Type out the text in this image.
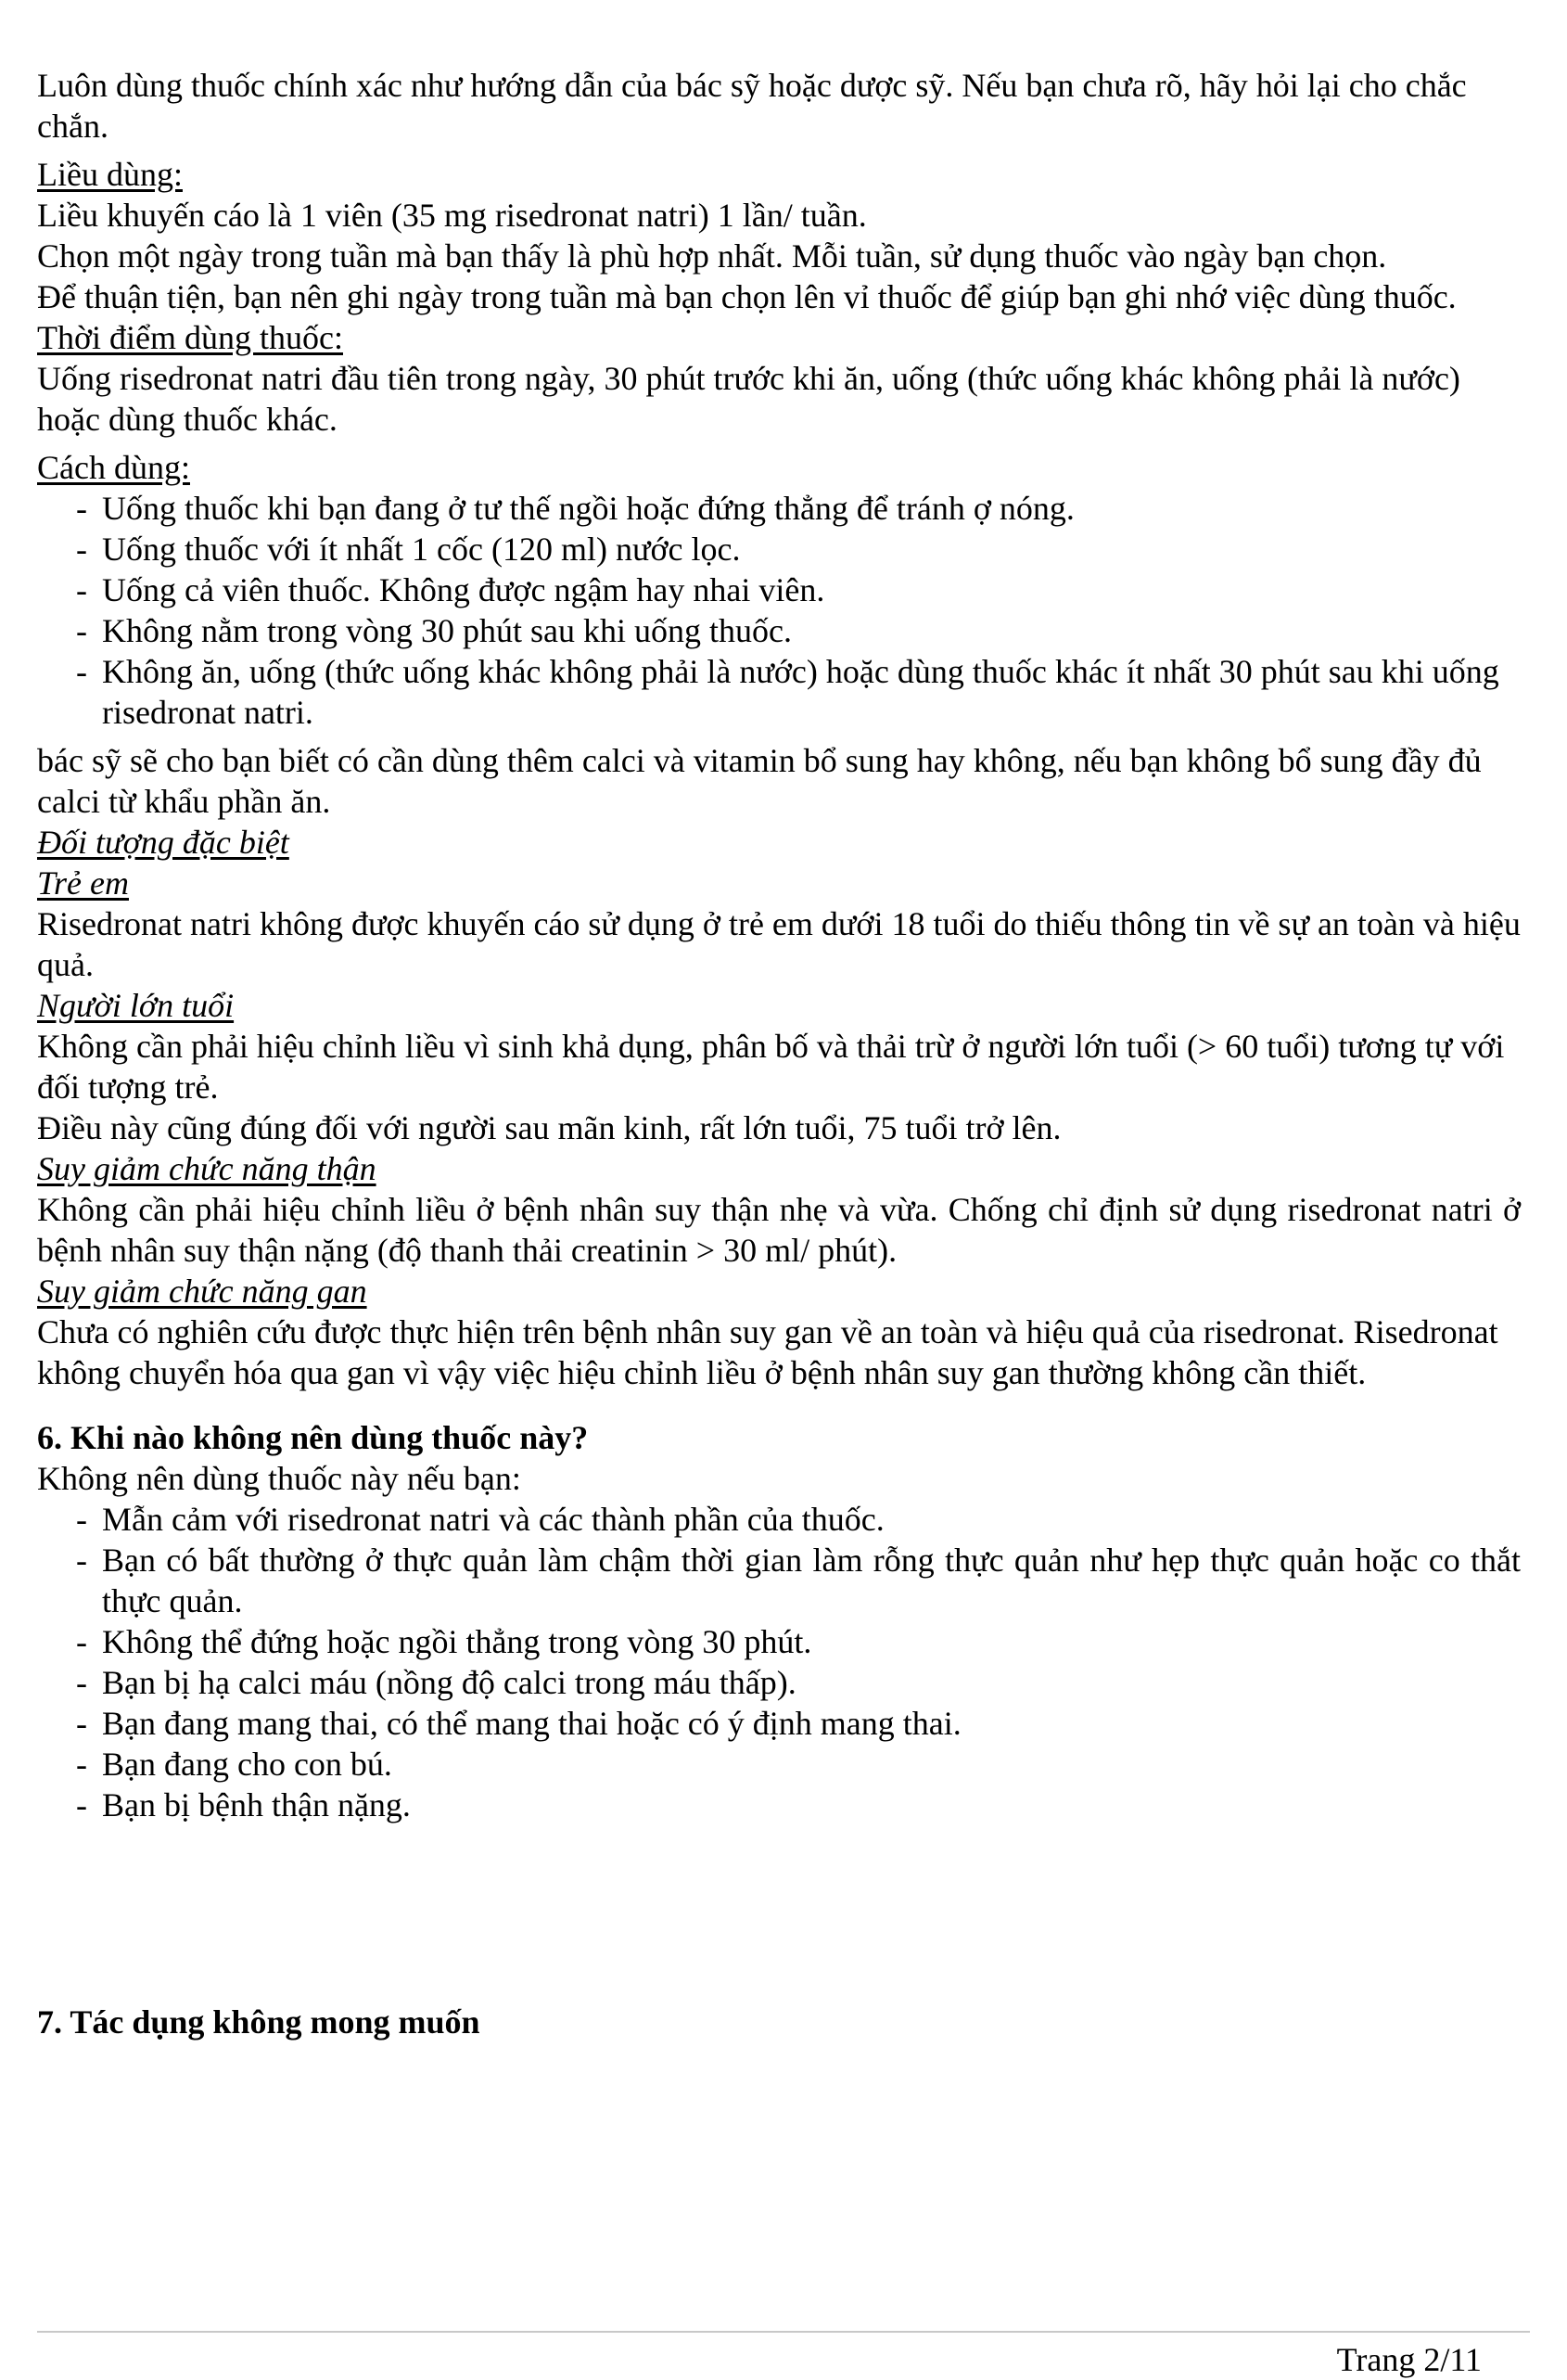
Luôn dùng thuốc chính xác như hướng dẫn của bác sỹ hoặc dược sỹ. Nếu bạn chưa rõ, hãy hỏi lại cho chắc chắn.

Liều dùng:

Liều khuyến cáo là 1 viên (35 mg risedronat natri) 1 lần/ tuần.

Chọn một ngày trong tuần mà bạn thấy là phù hợp nhất. Mỗi tuần, sử dụng thuốc vào ngày bạn chọn.

Để thuận tiện, bạn nên ghi ngày trong tuần mà bạn chọn lên vỉ thuốc để giúp bạn ghi nhớ việc dùng thuốc.

Thời điểm dùng thuốc:

Uống risedronat natri đầu tiên trong ngày, 30 phút trước khi ăn, uống (thức uống khác không phải là nước) hoặc dùng thuốc khác.

Cách dùng:

- Uống thuốc khi bạn đang ở tư thế ngồi hoặc đứng thẳng để tránh ợ nóng.
- Uống thuốc với ít nhất 1 cốc (120 ml) nước lọc.
- Uống cả viên thuốc. Không được ngậm hay nhai viên.
- Không nằm trong vòng 30 phút sau khi uống thuốc.
- Không ăn, uống (thức uống khác không phải là nước) hoặc dùng thuốc khác ít nhất 30 phút sau khi uống risedronat natri.

bác sỹ sẽ cho bạn biết có cần dùng thêm calci và vitamin bổ sung hay không, nếu bạn không bổ sung đầy đủ calci từ khẩu phần ăn.

Đối tượng đặc biệt

Trẻ em

Risedronat natri không được khuyến cáo sử dụng ở trẻ em dưới 18 tuổi do thiếu thông tin về sự an toàn và hiệu quả.

Người lớn tuổi

Không cần phải hiệu chỉnh liều vì sinh khả dụng, phân bố và thải trừ ở người lớn tuổi (> 60 tuổi) tương tự với đối tượng trẻ.

Điều này cũng đúng đối với người sau mãn kinh, rất lớn tuổi, 75 tuổi trở lên.

Suy giảm chức năng thận

Không cần phải hiệu chỉnh liều ở bệnh nhân suy thận nhẹ và vừa. Chống chỉ định sử dụng risedronat natri ở bệnh nhân suy thận nặng (độ thanh thải creatinin > 30 ml/ phút).

Suy giảm chức năng gan

Chưa có nghiên cứu được thực hiện trên bệnh nhân suy gan về an toàn và hiệu quả của risedronat. Risedronat không chuyển hóa qua gan vì vậy việc hiệu chỉnh liều ở bệnh nhân suy gan thường không cần thiết.

6. Khi nào không nên dùng thuốc này?

Không nên dùng thuốc này nếu bạn:

- Mẫn cảm với risedronat natri và các thành phần của thuốc.
- Bạn có bất thường ở thực quản làm chậm thời gian làm rỗng thực quản như hẹp thực quản hoặc co thắt thực quản.
- Không thể đứng hoặc ngồi thẳng trong vòng 30 phút.
- Bạn bị hạ calci máu (nồng độ calci trong máu thấp).
- Bạn đang mang thai, có thể mang thai hoặc có ý định mang thai.
- Bạn đang cho con bú.
- Bạn bị bệnh thận nặng.

7. Tác dụng không mong muốn

Trang 2/11
